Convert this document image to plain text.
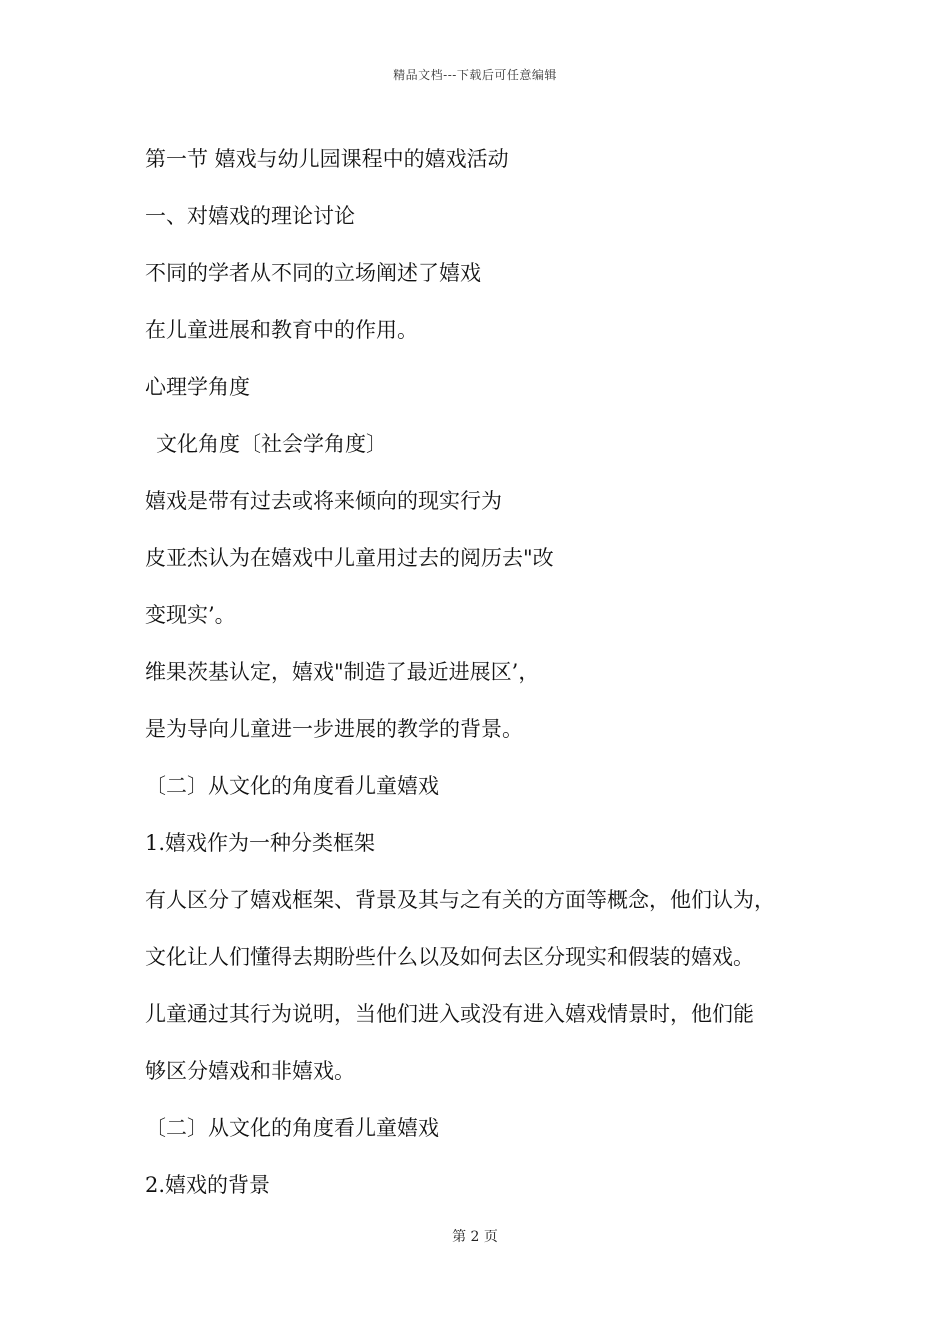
精品文档---下载后可任意编辑
第一节 嬉戏与幼儿园课程中的嬉戏活动
一、对嬉戏的理论讨论
不同的学者从不同的立场阐述了嬉戏
在儿童进展和教育中的作用。
心理学角度
文化角度〔社会学角度〕
嬉戏是带有过去或将来倾向的现实行为
皮亚杰认为在嬉戏中儿童用过去的阅历去"改
变现实’。
维果茨基认定，嬉戏"制造了最近进展区’，
是为导向儿童进一步进展的教学的背景。
〔二〕从文化的角度看儿童嬉戏
1.嬉戏作为一种分类框架
有人区分了嬉戏框架、背景及其与之有关的方面等概念，他们认为，
文化让人们懂得去期盼些什么以及如何去区分现实和假装的嬉戏。
儿童通过其行为说明，当他们进入或没有进入嬉戏情景时，他们能
够区分嬉戏和非嬉戏。
〔二〕从文化的角度看儿童嬉戏
2.嬉戏的背景
第 2 页
